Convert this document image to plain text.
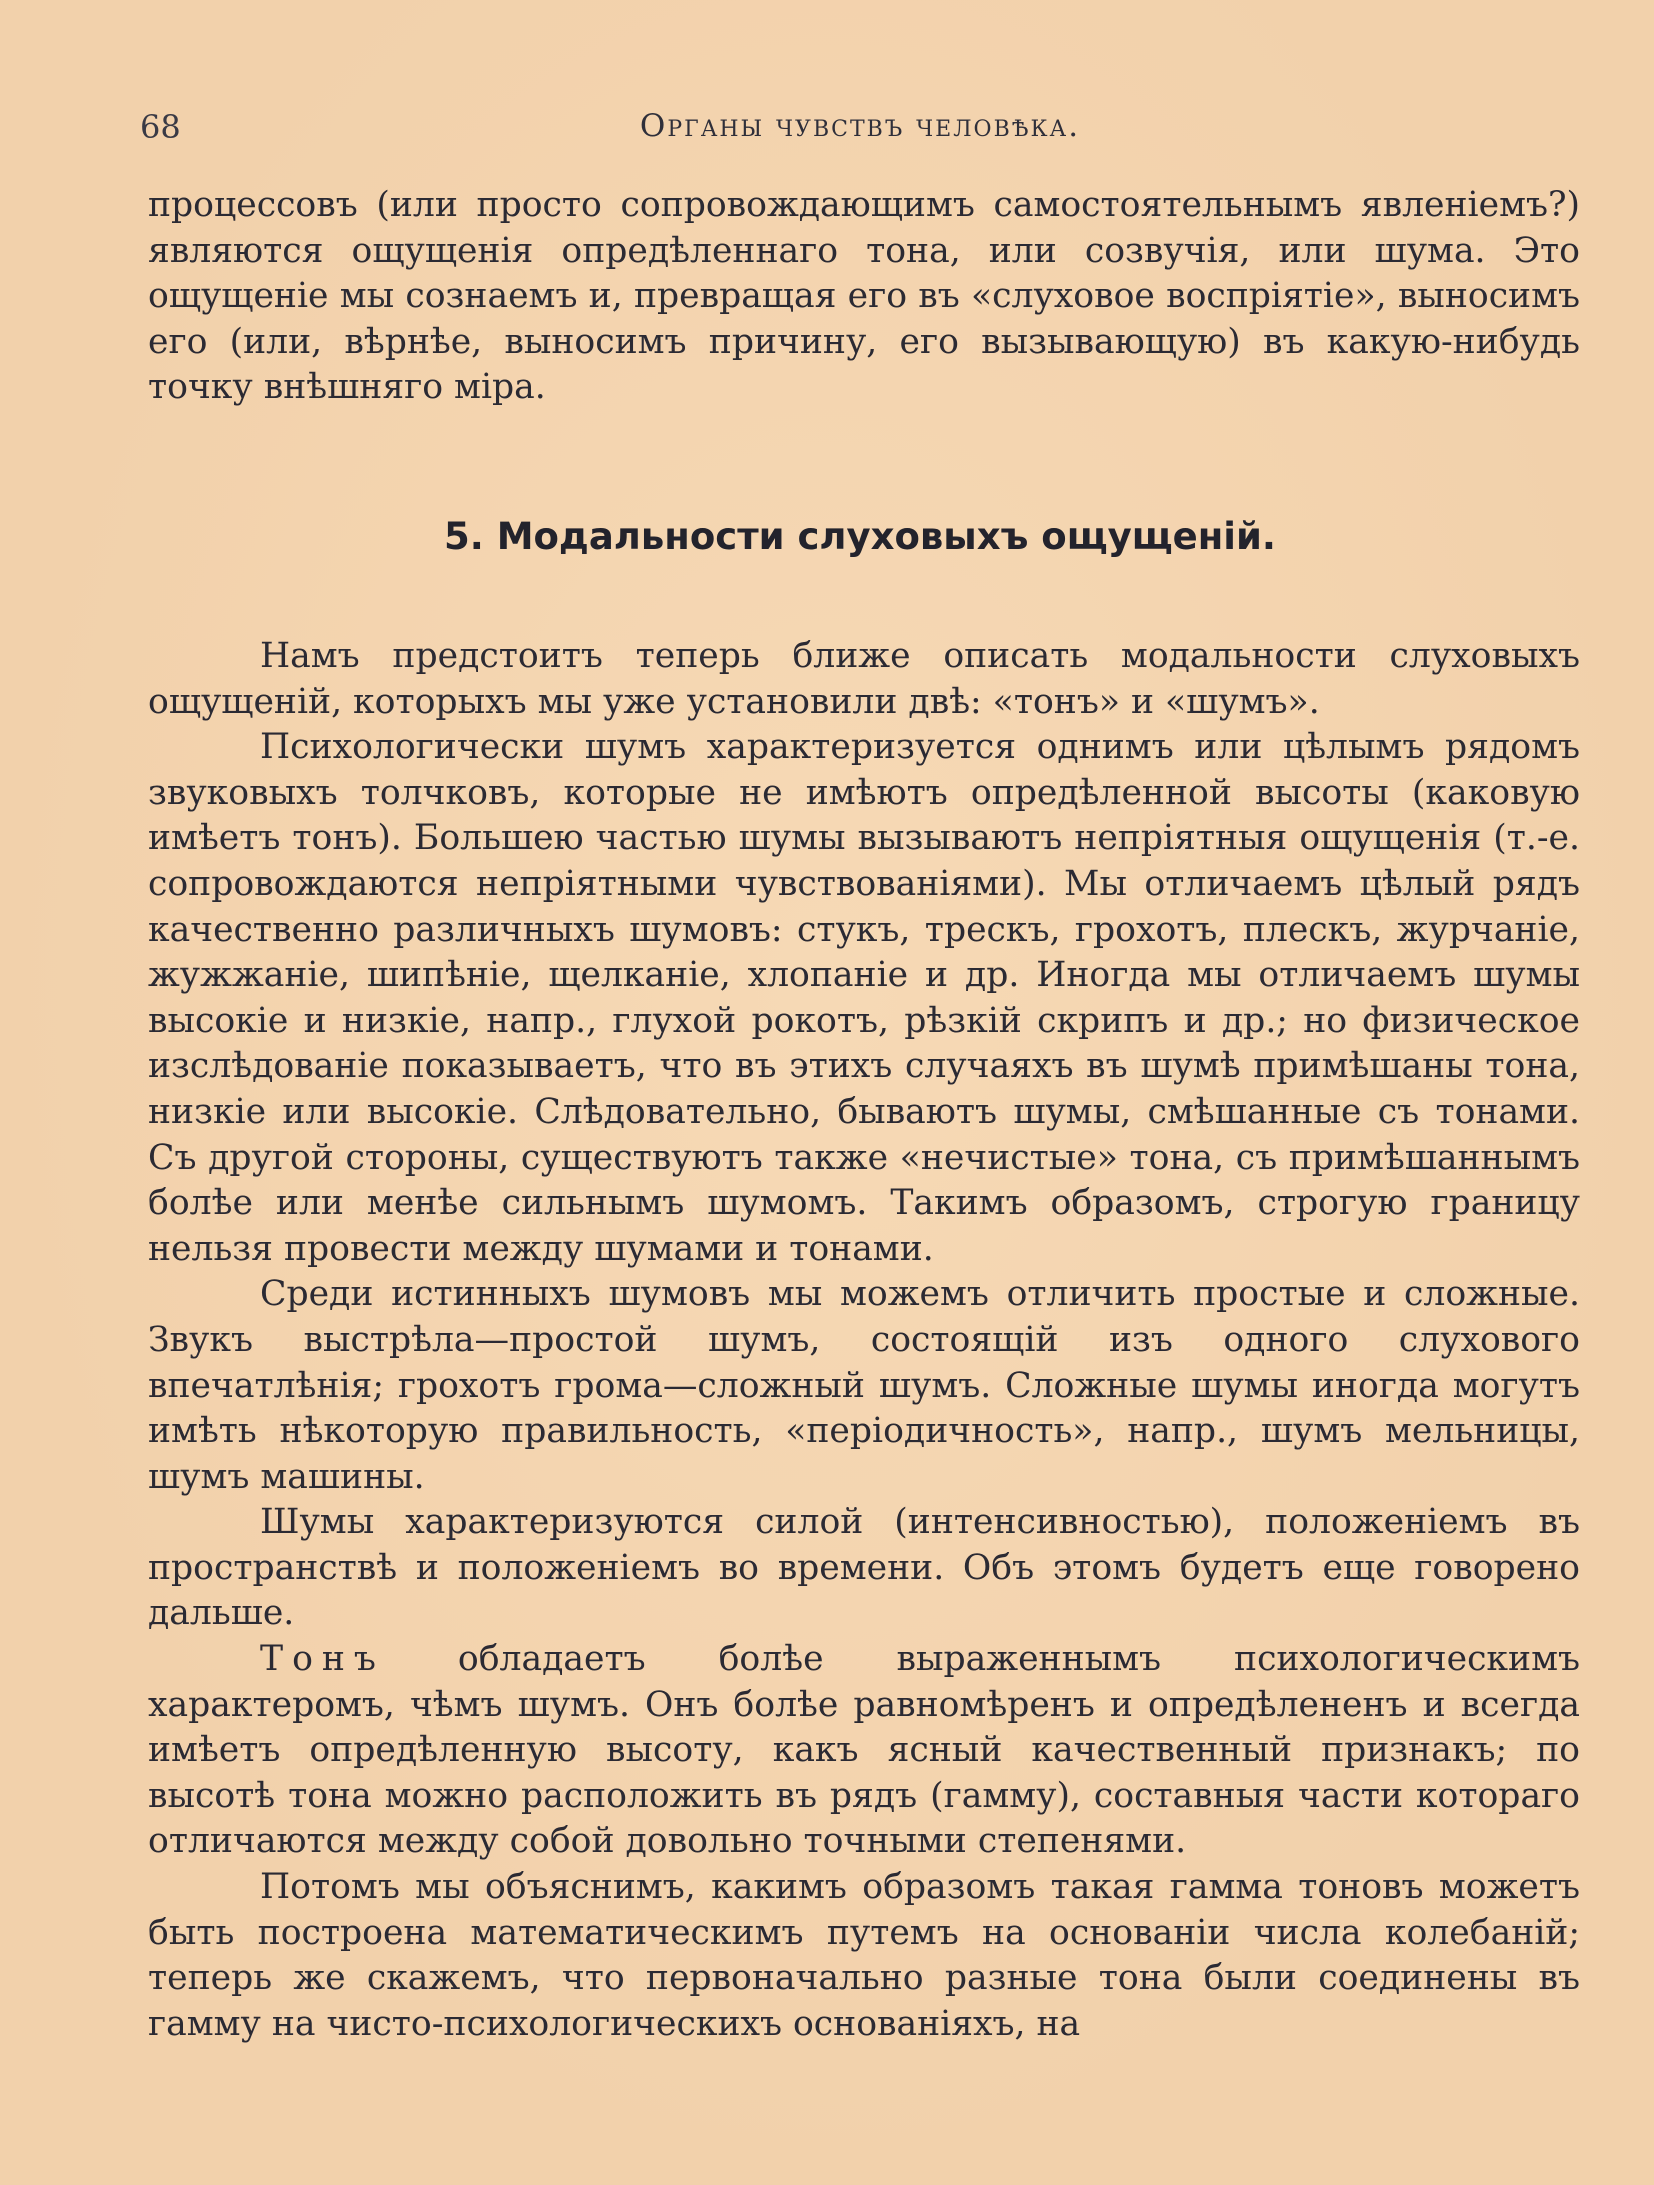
68	Органы чувствъ человѣка.

процессовъ (или просто сопровождающимъ самостоятельнымъ явленіемъ?) являются ощущенія опредѣленнаго тона, или созвучія, или шума. Это ощущеніе мы сознаемъ и, превращая его въ «слуховое воспріятіе», выносимъ его (или, вѣрнѣе, выносимъ причину, его вызывающую) въ какую-нибудь точку внѣшняго міра.

5. Модальности слуховыхъ ощущеній.

Намъ предстоитъ теперь ближе описать модальности слуховыхъ ощущеній, которыхъ мы уже установили двѣ: «тонъ» и «шумъ».

Психологически шумъ характеризуется однимъ или цѣлымъ рядомъ звуковыхъ толчковъ, которые не имѣютъ опредѣленной высоты (каковую имѣетъ тонъ). Большею частью шумы вызываютъ непріятныя ощущенія (т.-е. сопровождаются непріятными чувствованіями). Мы отличаемъ цѣлый рядъ качественно различныхъ шумовъ: стукъ, трескъ, грохотъ, плескъ, журчаніе, жужжаніе, шипѣніе, щелканіе, хлопаніе и др. Иногда мы отличаемъ шумы высокіе и низкіе, напр., глухой рокотъ, рѣзкій скрипъ и др.; но физическое изслѣдованіе показываетъ, что въ этихъ случаяхъ въ шумѣ примѣшаны тона, низкіе или высокіе. Слѣдовательно, бываютъ шумы, смѣшанные съ тонами. Съ другой стороны, существуютъ также «нечистые» тона, съ примѣшаннымъ болѣе или менѣе сильнымъ шумомъ. Такимъ образомъ, строгую границу нельзя провести между шумами и тонами.

Среди истинныхъ шумовъ мы можемъ отличить простые и сложные. Звукъ выстрѣла—простой шумъ, состоящій изъ одного слухового впечатлѣнія; грохотъ грома—сложный шумъ. Сложные шумы иногда могутъ имѣть нѣкоторую правильность, «періодичность», напр., шумъ мельницы, шумъ машины.

Шумы характеризуются силой (интенсивностью), положеніемъ въ пространствѣ и положеніемъ во времени. Объ этомъ будетъ еще говорено дальше.

Тонъ обладаетъ болѣе выраженнымъ психологическимъ характеромъ, чѣмъ шумъ. Онъ болѣе равномѣренъ и опредѣлененъ и всегда имѣетъ опредѣленную высоту, какъ ясный качественный признакъ; по высотѣ тона можно расположить въ рядъ (гамму), составныя части котораго отличаются между собой довольно точными степенями.

Потомъ мы объяснимъ, какимъ образомъ такая гамма тоновъ можетъ быть построена математическимъ путемъ на основаніи числа колебаній; теперь же скажемъ, что первоначально разные тона были соединены въ гамму на чисто-психологическихъ основаніяхъ, на
